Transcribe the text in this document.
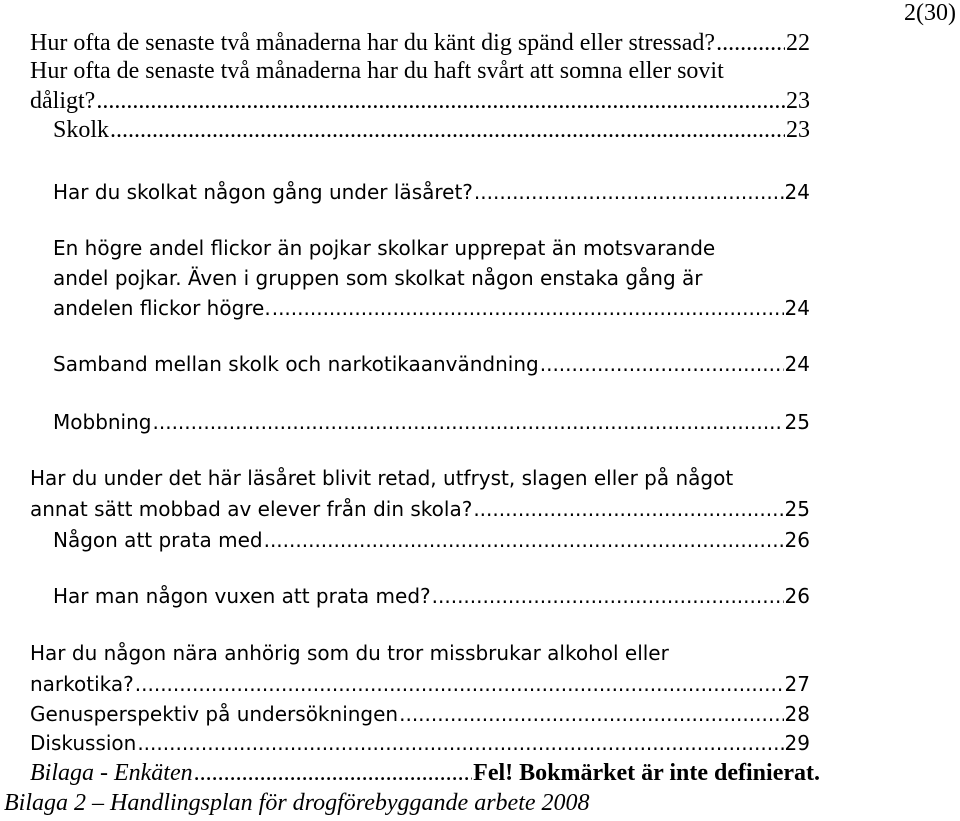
2(30)
Hur ofta de senaste två månaderna har du känt dig spänd eller stressad? .....	22
Hur ofta de senaste två månaderna har du haft svårt att somna eller sovit
dåligt? .....	23
Skolk .....	23
Har du skolkat någon gång under läsåret? .....	24
En högre andel flickor än pojkar skolkar upprepat än motsvarande
andel pojkar. Även i gruppen som skolkat någon enstaka gång är
andelen flickor högre. .....	24
Samband mellan skolk och narkotikaanvändning .....	24
Mobbning .....	25
Har du under det här läsåret blivit retad, utfryst, slagen eller på något
annat sätt mobbad av elever från din skola? .....	25
Någon att prata med .....	26
Har man någon vuxen att prata med? .....	26
Har du någon nära anhörig som du tror missbrukar alkohol eller
narkotika? .....	27
Genusperspektiv på undersökningen .....	28
Diskussion .....	29
Bilaga - Enkäten .....	Fel! Bokmärket är inte definierat.
Bilaga 2 – Handlingsplan för drogförebyggande arbete 2008
